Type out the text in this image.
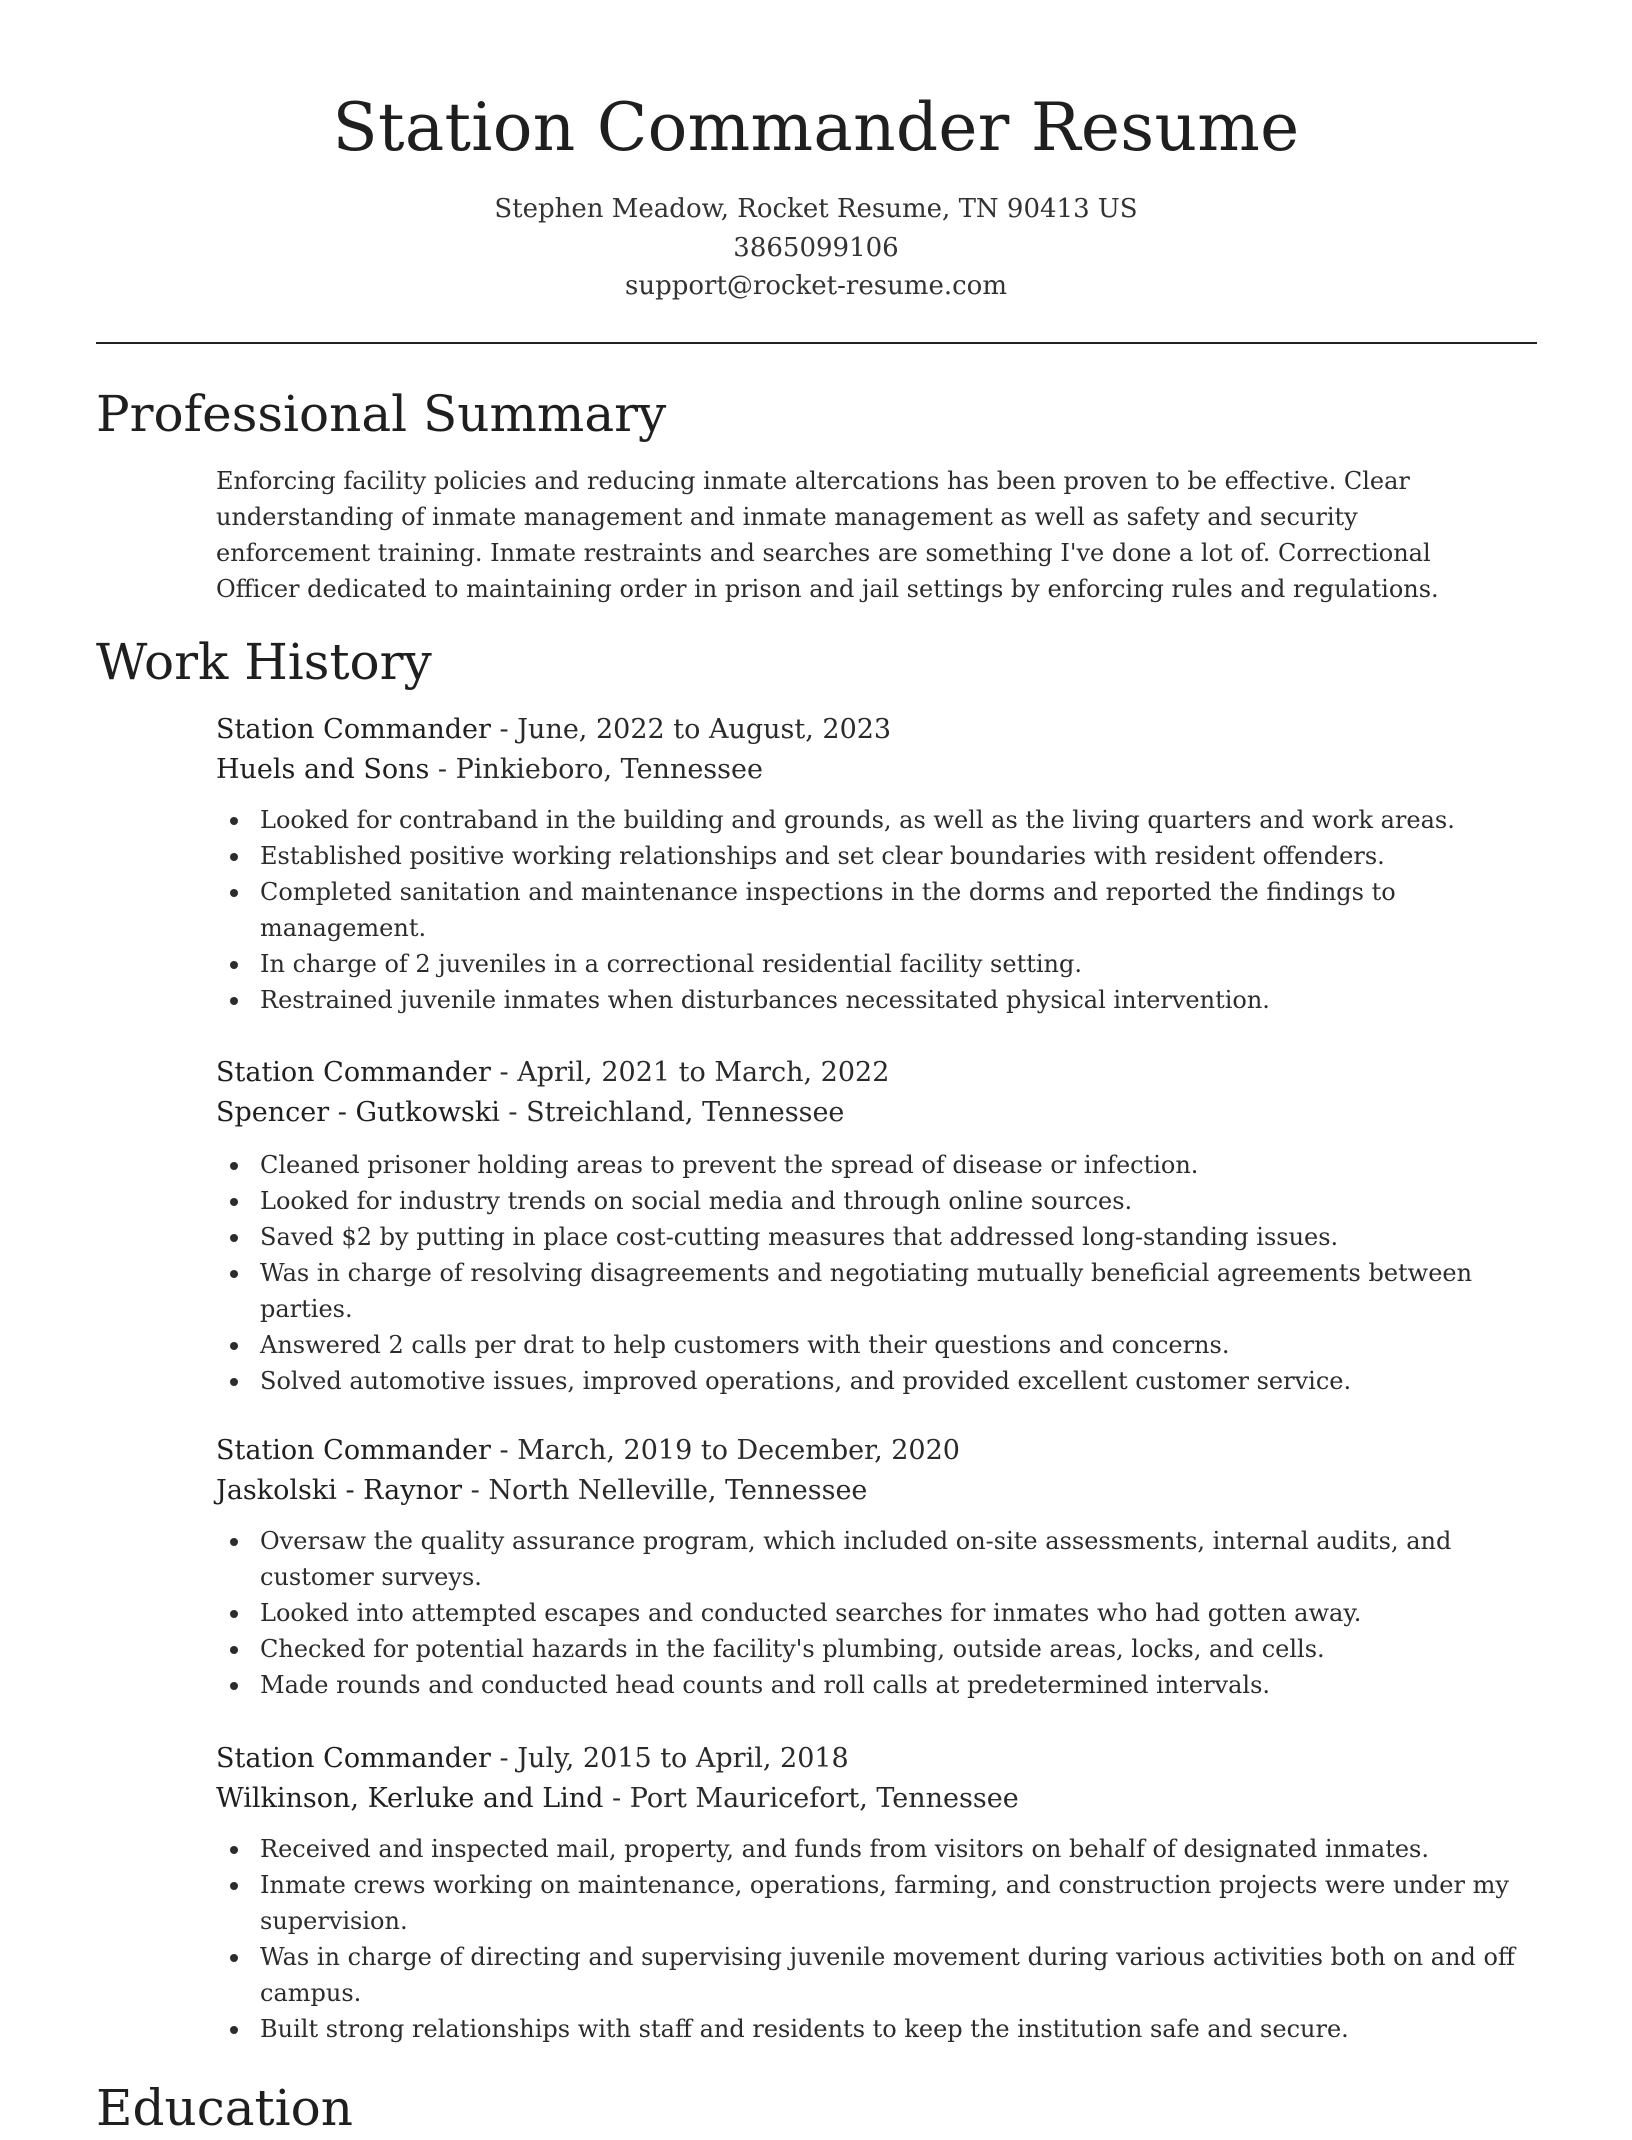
Station Commander Resume
Stephen Meadow, Rocket Resume, TN 90413 US
3865099106
support@rocket-resume.com
Professional Summary

Enforcing facility policies and reducing inmate altercations has been proven to be effective. Clear understanding of inmate management and inmate management as well as safety and security enforcement training. Inmate restraints and searches are something I've done a lot of. Correctional Officer dedicated to maintaining order in prison and jail settings by enforcing rules and regulations.

Work History
Station Commander - June, 2022 to August, 2023
Huels and Sons - Pinkieboro, Tennessee
Looked for contraband in the building and grounds, as well as the living quarters and work areas.
Established positive working relationships and set clear boundaries with resident offenders.
Completed sanitation and maintenance inspections in the dorms and reported the findings to management.
In charge of 2 juveniles in a correctional residential facility setting.
Restrained juvenile inmates when disturbances necessitated physical intervention.
Station Commander - April, 2021 to March, 2022
Spencer - Gutkowski - Streichland, Tennessee
Cleaned prisoner holding areas to prevent the spread of disease or infection.
Looked for industry trends on social media and through online sources.
Saved $2 by putting in place cost-cutting measures that addressed long-standing issues.
Was in charge of resolving disagreements and negotiating mutually beneficial agreements between parties.
Answered 2 calls per drat to help customers with their questions and concerns.
Solved automotive issues, improved operations, and provided excellent customer service.
Station Commander - March, 2019 to December, 2020
Jaskolski - Raynor - North Nelleville, Tennessee
Oversaw the quality assurance program, which included on-site assessments, internal audits, and customer surveys.
Looked into attempted escapes and conducted searches for inmates who had gotten away.
Checked for potential hazards in the facility's plumbing, outside areas, locks, and cells.
Made rounds and conducted head counts and roll calls at predetermined intervals.
Station Commander - July, 2015 to April, 2018
Wilkinson, Kerluke and Lind - Port Mauricefort, Tennessee
Received and inspected mail, property, and funds from visitors on behalf of designated inmates.
Inmate crews working on maintenance, operations, farming, and construction projects were under my supervision.
Was in charge of directing and supervising juvenile movement during various activities both on and off campus.
Built strong relationships with staff and residents to keep the institution safe and secure.
Education
